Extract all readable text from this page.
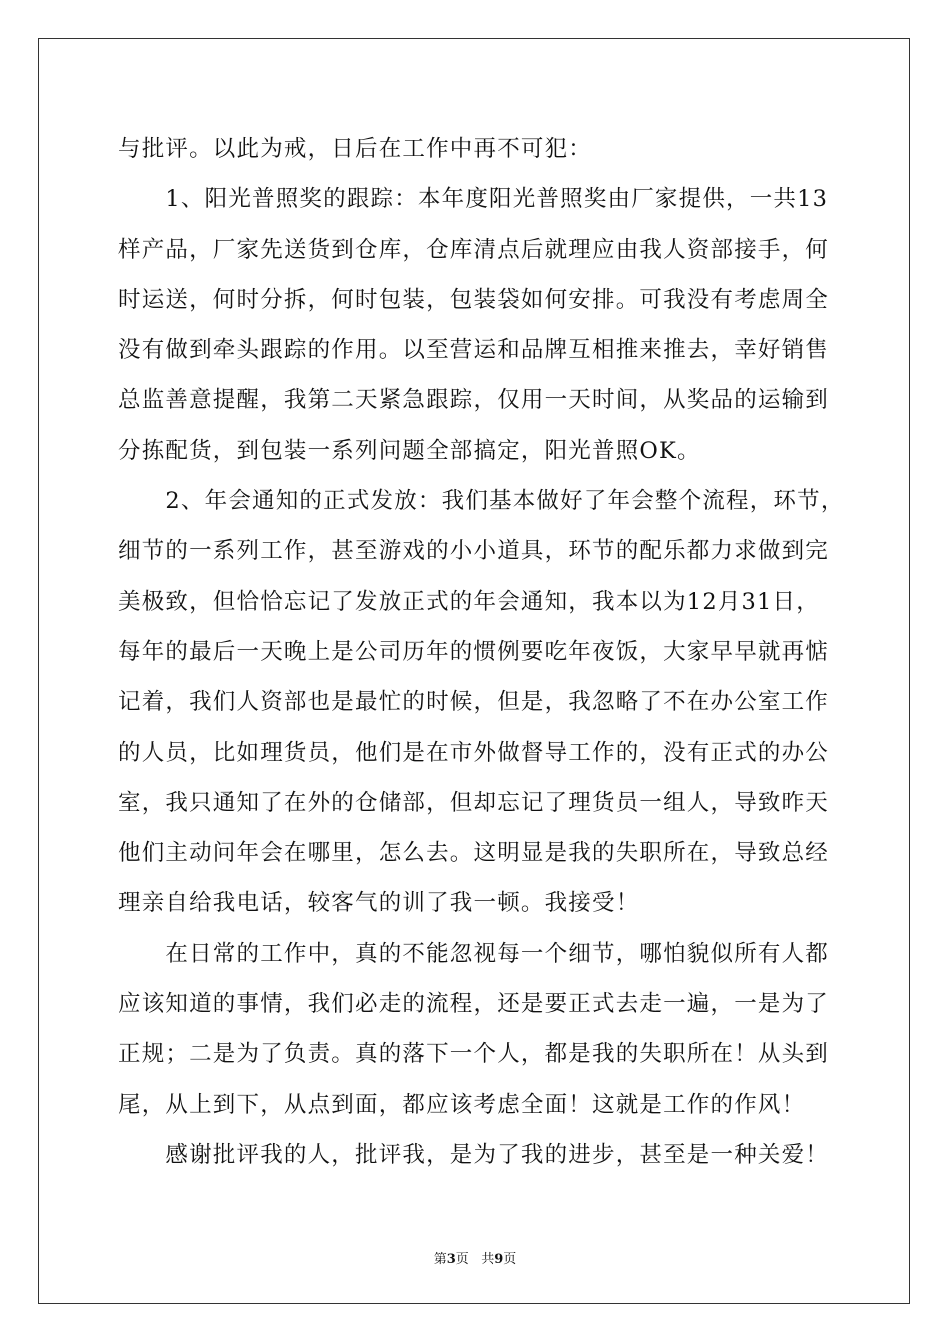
与批评。以此为戒，日后在工作中再不可犯：
　　1、阳光普照奖的跟踪：本年度阳光普照奖由厂家提供，一共13
样产品，厂家先送货到仓库，仓库清点后就理应由我人资部接手，何
时运送，何时分拆，何时包装，包装袋如何安排。可我没有考虑周全
没有做到牵头跟踪的作用。以至营运和品牌互相推来推去，幸好销售
总监善意提醒，我第二天紧急跟踪，仅用一天时间，从奖品的运输到
分拣配货，到包装一系列问题全部搞定，阳光普照OK。
　　2、年会通知的正式发放：我们基本做好了年会整个流程，环节，
细节的一系列工作，甚至游戏的小小道具，环节的配乐都力求做到完
美极致，但恰恰忘记了发放正式的年会通知，我本以为12月31日，
每年的最后一天晚上是公司历年的惯例要吃年夜饭，大家早早就再惦
记着，我们人资部也是最忙的时候，但是，我忽略了不在办公室工作
的人员，比如理货员，他们是在市外做督导工作的，没有正式的办公
室，我只通知了在外的仓储部，但却忘记了理货员一组人，导致昨天
他们主动问年会在哪里，怎么去。这明显是我的失职所在，导致总经
理亲自给我电话，较客气的训了我一顿。我接受！
　　在日常的工作中，真的不能忽视每一个细节，哪怕貌似所有人都
应该知道的事情，我们必走的流程，还是要正式去走一遍，一是为了
正规；二是为了负责。真的落下一个人，都是我的失职所在！从头到
尾，从上到下，从点到面，都应该考虑全面！这就是工作的作风！
　　感谢批评我的人，批评我，是为了我的进步，甚至是一种关爱！
第3页 共9页
